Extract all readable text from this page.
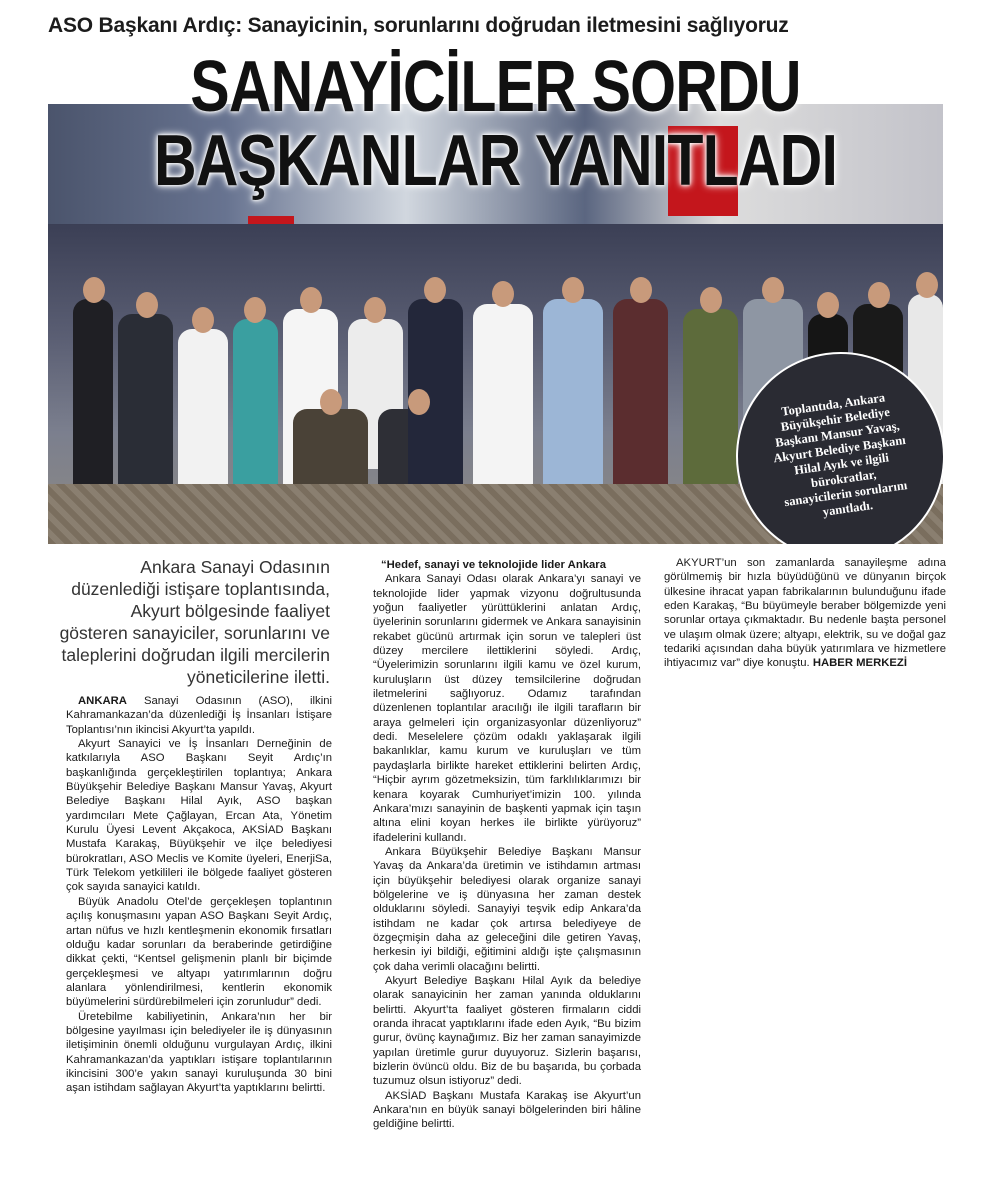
ASO Başkanı Ardıç: Sanayicinin, sorunlarını doğrudan iletmesini sağlıyoruz
SANAYİCİLER SORDU
BAŞKANLAR YANITLADI
Toplantıda, Ankara Büyükşehir Belediye Başkanı Mansur Yavaş, Akyurt Belediye Başkanı Hilal Ayık ve ilgili bürokratlar, sanayicilerin sorularını yanıtladı.
Ankara Sanayi Odasının düzenlediği istişare toplantısında, Akyurt bölgesinde faaliyet gösteren sanayiciler, sorunlarını ve taleplerini doğrudan ilgili mercilerin yöneticilerine iletti.

ANKARA Sanayi Odasının (ASO), ilkini Kahramankazan’da düzenlediği İş İnsanları İstişare Toplantısı’nın ikincisi Akyurt’ta yapıldı.

Akyurt Sanayici ve İş İnsanları Derneğinin de katkılarıyla ASO Başkanı Seyit Ardıç’ın başkanlığında gerçekleştirilen toplantıya; Ankara Büyükşehir Belediye Başkanı Mansur Yavaş, Akyurt Belediye Başkanı Hilal Ayık, ASO başkan yardımcıları Mete Çağlayan, Ercan Ata, Yönetim Kurulu Üyesi Levent Akçakoca, AKSİAD Başkanı Mustafa Karakaş, Büyükşehir ve ilçe belediyesi bürokratları, ASO Meclis ve Komite üyeleri, EnerjiSa, Türk Telekom yetkilileri ile bölgede faaliyet gösteren çok sayıda sanayici katıldı.

Büyük Anadolu Otel’de gerçekleşen toplantının açılış konuşmasını yapan ASO Başkanı Seyit Ardıç, artan nüfus ve hızlı kentleşmenin ekonomik fırsatları olduğu kadar sorunları da beraberinde getirdiğine dikkat çekti, “Kentsel gelişmenin planlı bir biçimde gerçekleşmesi ve altyapı yatırımlarının doğru alanlara yönlendirilmesi, kentlerin ekonomik büyümelerini sürdürebilmeleri için zorunludur” dedi.

Üretebilme kabiliyetinin, Ankara’nın her bir bölgesine yayılması için belediyeler ile iş dünyasının iletişiminin önemli olduğunu vurgulayan Ardıç, ilkini Kahramankazan’da yaptıkları istişare toplantılarının ikincisini 300’e yakın sanayi kuruluşunda 30 bini aşan istihdam sağlayan Akyurt’ta yaptıklarını belirtti.

“Hedef, sanayi ve teknolojide lider Ankara

Ankara Sanayi Odası olarak Ankara’yı sanayi ve teknolojide lider yapmak vizyonu doğrultusunda yoğun faaliyetler yürüttüklerini anlatan Ardıç, üyelerinin sorunlarını gidermek ve Ankara sanayisinin rekabet gücünü artırmak için sorun ve talepleri üst düzey mercilere ilettiklerini söyledi. Ardıç, “Üyelerimizin sorunlarını ilgili kamu ve özel kurum, kuruluşların üst düzey temsilcilerine doğrudan iletmelerini sağlıyoruz. Odamız tarafından düzenlenen toplantılar aracılığı ile ilgili tarafların bir araya gelmeleri için organizasyonlar düzenliyoruz” dedi. Meselelere çözüm odaklı yaklaşarak ilgili bakanlıklar, kamu kurum ve kuruluşları ve tüm paydaşlarla birlikte hareket ettiklerini belirten Ardıç, “Hiçbir ayrım gözetmeksizin, tüm farklılıklarımızı bir kenara koyarak Cumhuriyet’imizin 100. yılında Ankara’mızı sanayinin de başkenti yapmak için taşın altına elini koyan herkes ile birlikte yürüyoruz” ifadelerini kullandı.

Ankara Büyükşehir Belediye Başkanı Mansur Yavaş da Ankara’da üretimin ve istihdamın artması için büyükşehir belediyesi olarak organize sanayi bölgelerine ve iş dünyasına her zaman destek olduklarını söyledi. Sanayiyi teşvik edip Ankara’da istihdam ne kadar çok artırsa belediyeye de özgeçmişin daha az geleceğini dile getiren Yavaş, herkesin iyi bildiği, eğitimini aldığı işte çalışmasının çok daha verimli olacağını belirtti.

Akyurt Belediye Başkanı Hilal Ayık da belediye olarak sanayicinin her zaman yanında olduklarını belirtti. Akyurt’ta faaliyet gösteren firmaların ciddi oranda ihracat yaptıklarını ifade eden Ayık, “Bu bizim gurur, övünç kaynağımız. Biz her zaman sanayimizde yapılan üretimle gurur duyuyoruz. Sizlerin başarısı, bizlerin övüncü oldu. Biz de bu başarıda, bu çorbada tuzumuz olsun istiyoruz” dedi.

AKSİAD Başkanı Mustafa Karakaş ise Akyurt’un Ankara’nın en büyük sanayi bölgelerinden biri hâline geldiğine belirtti.

AKYURT’un son zamanlarda sanayileşme adına görülmemiş bir hızla büyüdüğünü ve dünyanın birçok ülkesine ihracat yapan fabrikalarının bulunduğunu ifade eden Karakaş, “Bu büyümeyle beraber bölgemizde yeni sorunlar ortaya çıkmaktadır. Bu nedenle başta personel ve ulaşım olmak üzere; altyapı, elektrik, su ve doğal gaz tedariki açısından daha büyük yatırımlara ve hizmetlere ihtiyacımız var” diye konuştu. HABER MERKEZİ
